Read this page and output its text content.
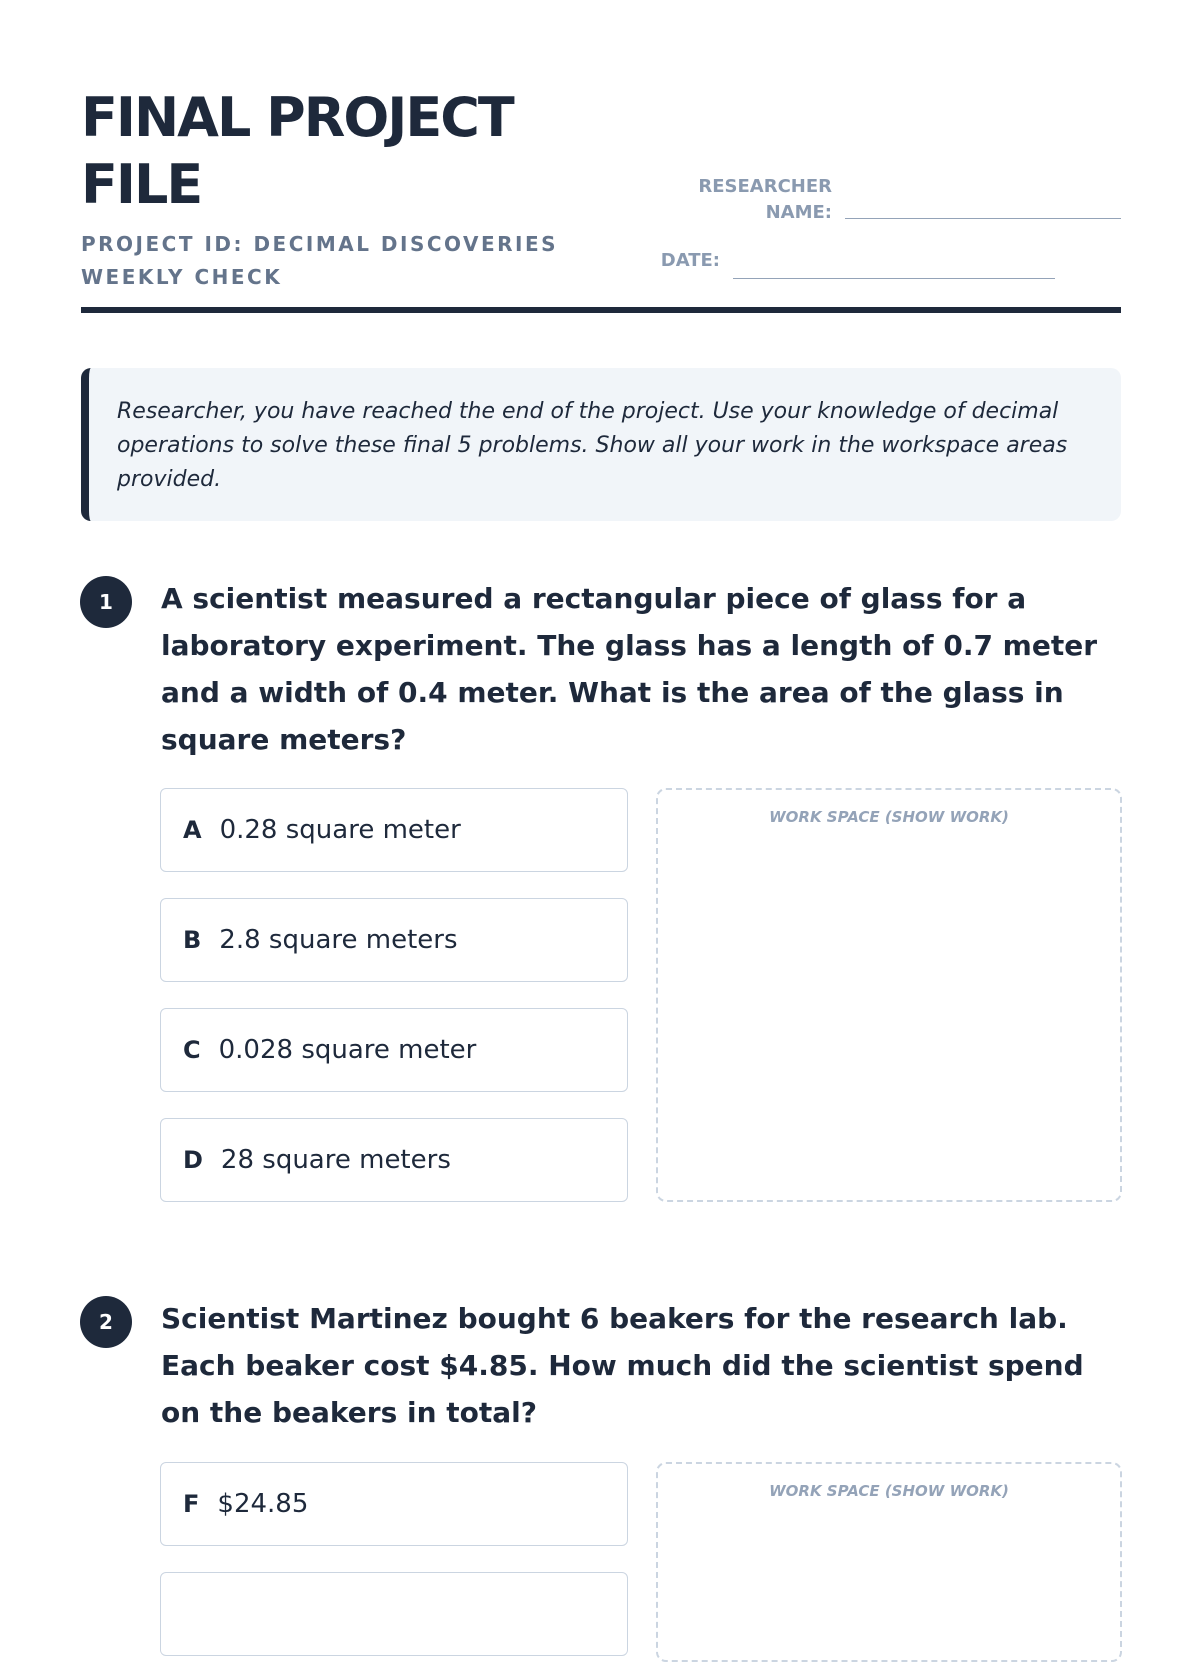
FINAL PROJECT FILE
PROJECT ID: DECIMAL DISCOVERIES WEEKLY CHECK
RESEARCHER
NAME:
DATE:
Researcher, you have reached the end of the project. Use your knowledge of decimal operations to solve these final 5 problems. Show all your work in the workspace areas provided.
1	A scientist measured a rectangular piece of glass for a laboratory experiment. The glass has a length of 0.7 meter and a width of 0.4 meter. What is the area of the glass in square meters?

A 0.28 square meter
B 2.8 square meters
C 0.028 square meter
D 28 square meters
WORK SPACE (SHOW WORK)
2	Scientist Martinez bought 6 beakers for the research lab. Each beaker cost $4.85. How much did the scientist spend on the beakers in total?

F $24.85	WORK SPACE (SHOW WORK)
